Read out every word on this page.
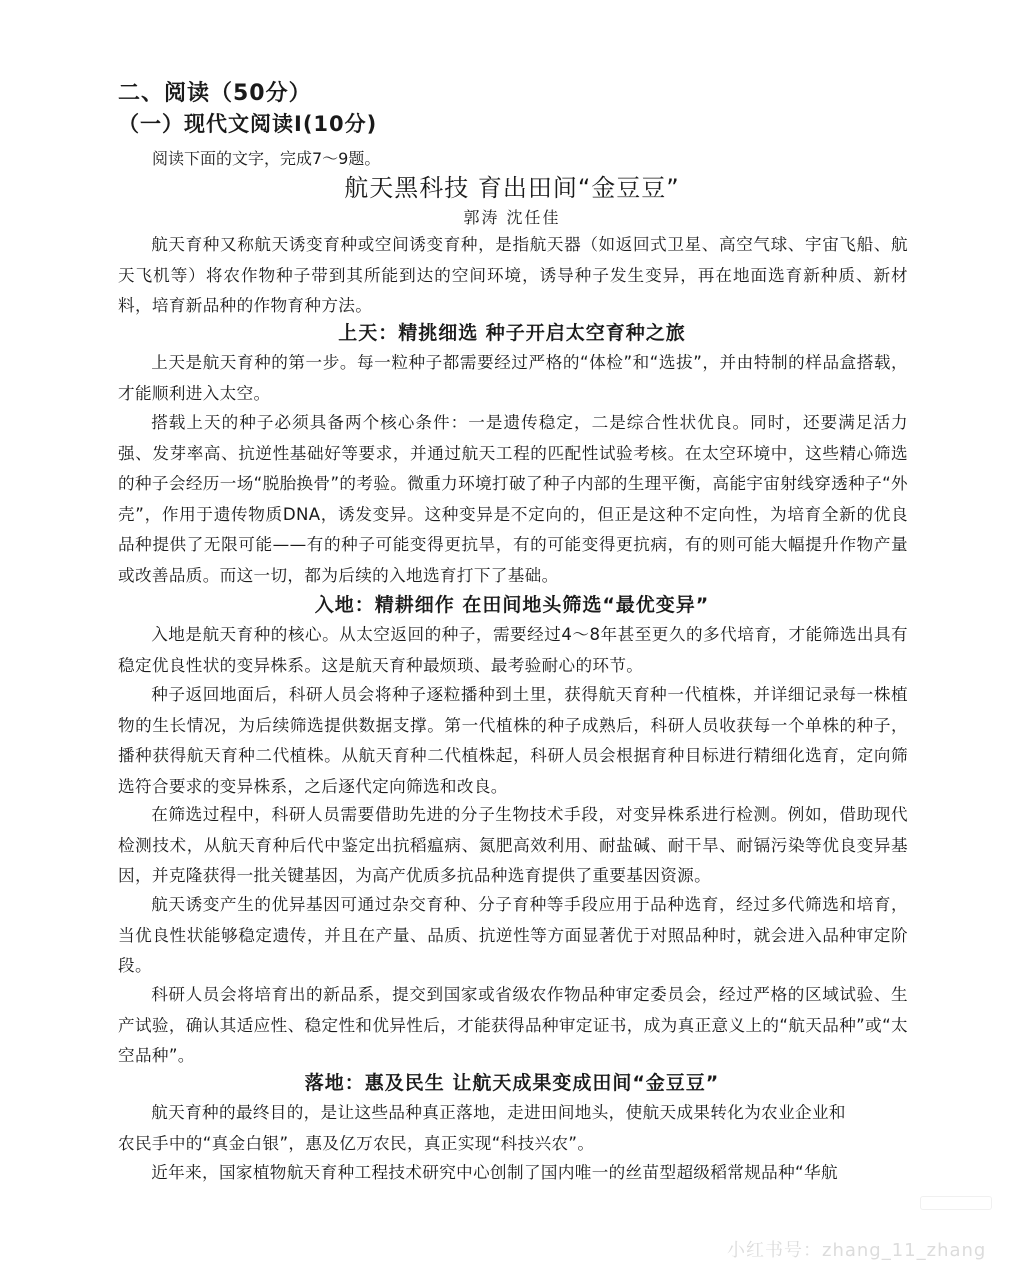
二、阅读（50分）
（一）现代文阅读I(10分)
阅读下面的文字，完成7～9题。
航天黑科技 育出田间“金豆豆”
郭涛 沈任佳
航天育种又称航天诱变育种或空间诱变育种，是指航天器（如返回式卫星、高空气球、宇宙飞船、航天飞机等）将农作物种子带到其所能到达的空间环境，诱导种子发生变异，再在地面选育新种质、新材料，培育新品种的作物育种方法。
上天：精挑细选 种子开启太空育种之旅
上天是航天育种的第一步。每一粒种子都需要经过严格的“体检”和“选拔”，并由特制的样品盒搭载，才能顺利进入太空。
搭载上天的种子必须具备两个核心条件：一是遗传稳定，二是综合性状优良。同时，还要满足活力强、发芽率高、抗逆性基础好等要求，并通过航天工程的匹配性试验考核。在太空环境中，这些精心筛选的种子会经历一场“脱胎换骨”的考验。微重力环境打破了种子内部的生理平衡，高能宇宙射线穿透种子“外壳”，作用于遗传物质DNA，诱发变异。这种变异是不定向的，但正是这种不定向性，为培育全新的优良品种提供了无限可能——有的种子可能变得更抗旱，有的可能变得更抗病，有的则可能大幅提升作物产量或改善品质。而这一切，都为后续的入地选育打下了基础。
入地：精耕细作 在田间地头筛选“最优变异”
入地是航天育种的核心。从太空返回的种子，需要经过4～8年甚至更久的多代培育，才能筛选出具有稳定优良性状的变异株系。这是航天育种最烦琐、最考验耐心的环节。
种子返回地面后，科研人员会将种子逐粒播种到土里，获得航天育种一代植株，并详细记录每一株植物的生长情况，为后续筛选提供数据支撑。第一代植株的种子成熟后，科研人员收获每一个单株的种子，播种获得航天育种二代植株。从航天育种二代植株起，科研人员会根据育种目标进行精细化选育，定向筛选符合要求的变异株系，之后逐代定向筛选和改良。
在筛选过程中，科研人员需要借助先进的分子生物技术手段，对变异株系进行检测。例如，借助现代检测技术，从航天育种后代中鉴定出抗稻瘟病、氮肥高效利用、耐盐碱、耐干旱、耐镉污染等优良变异基因，并克隆获得一批关键基因，为高产优质多抗品种选育提供了重要基因资源。
航天诱变产生的优异基因可通过杂交育种、分子育种等手段应用于品种选育，经过多代筛选和培育，当优良性状能够稳定遗传，并且在产量、品质、抗逆性等方面显著优于对照品种时，就会进入品种审定阶段。
科研人员会将培育出的新品系，提交到国家或省级农作物品种审定委员会，经过严格的区域试验、生产试验，确认其适应性、稳定性和优异性后，才能获得品种审定证书，成为真正意义上的“航天品种”或“太空品种”。
落地：惠及民生 让航天成果变成田间“金豆豆”
航天育种的最终目的，是让这些品种真正落地，走进田间地头，使航天成果转化为农业企业和
农民手中的“真金白银”，惠及亿万农民，真正实现“科技兴农”。
近年来，国家植物航天育种工程技术研究中心创制了国内唯一的丝苗型超级稻常规品种“华航
小红书号：zhang_11_zhang
